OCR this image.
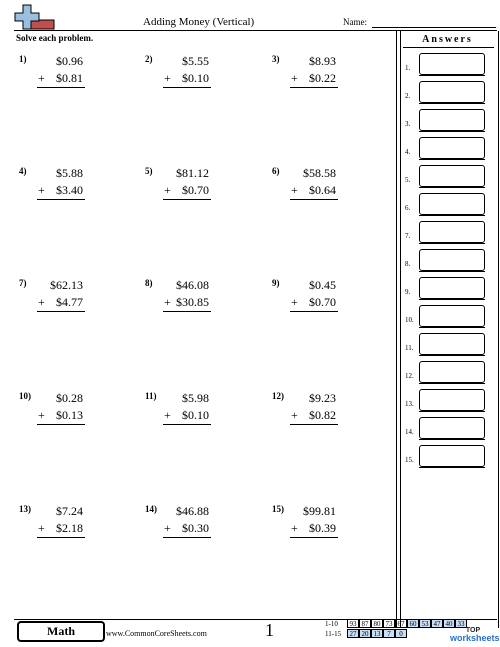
Adding Money (Vertical)	Name:
Solve each problem.
1) $0.96
+ $0.81
2) $5.55
+ $0.10
3) $8.93
+ $0.22
4) $5.88
+ $3.40
5) $81.12
+ $0.70
6) $58.58
+ $0.64
7) $62.13
+ $4.77
8) $46.08
+ $30.85
9) $0.45
+ $0.70
10) $0.28
+ $0.13
11) $5.98
+ $0.10
12) $9.23
+ $0.82
13) $7.24
+ $2.18
14) $46.88
+ $0.30
15) $99.81
+ $0.39
Answers
1.
2.
3.
4.
5.
6.
7.
8.
9.
10.
11.
12.
13.
14.
15.
Math	www.CommonCoreSheets.com	1	1-10	93 87 80 73 67 60 53 47 40 33
11-15	27 20 13 7	0	TOP
worksheets
